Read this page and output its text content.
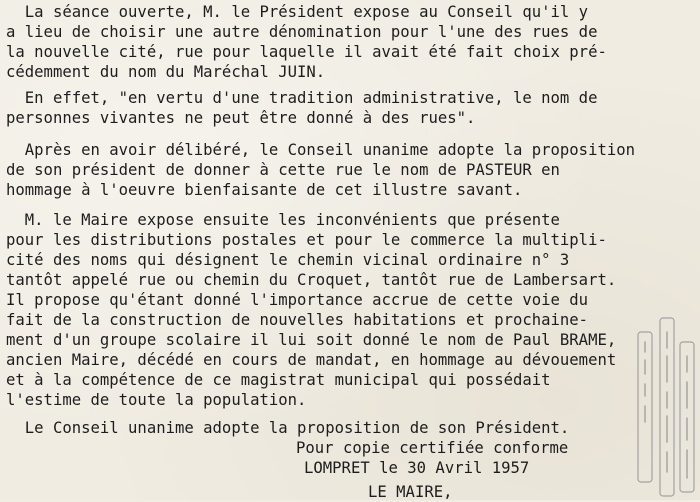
La séance ouverte, M. le Président expose au Conseil qu'il y
a lieu de choisir une autre dénomination pour l'une des rues de
la nouvelle cité, rue pour laquelle il avait été fait choix pré-
cédemment du nom du Maréchal JUIN.
En effet, "en vertu d'une tradition administrative, le nom de
personnes vivantes ne peut être donné à des rues".
Après en avoir délibéré, le Conseil unanime adopte la proposition
de son président de donner à cette rue le nom de PASTEUR en
hommage à l'oeuvre bienfaisante de cet illustre savant.
M. le Maire expose ensuite les inconvénients que présente
pour les distributions postales et pour le commerce la multipli-
cité des noms qui désignent le chemin vicinal ordinaire n° 3
tantôt appelé rue ou chemin du Croquet, tantôt rue de Lambersart.
Il propose qu'étant donné l'importance accrue de cette voie du
fait de la construction de nouvelles habitations et prochaine-
ment d'un groupe scolaire il lui soit donné le nom de Paul BRAME,
ancien Maire, décédé en cours de mandat, en hommage au dévouement
et à la compétence de ce magistrat municipal qui possédait
l'estime de toute la population.
Le Conseil unanime adopte la proposition de son Président.
Pour copie certifiée conforme
LOMPRET le 30 Avril 1957
LE MAIRE,
